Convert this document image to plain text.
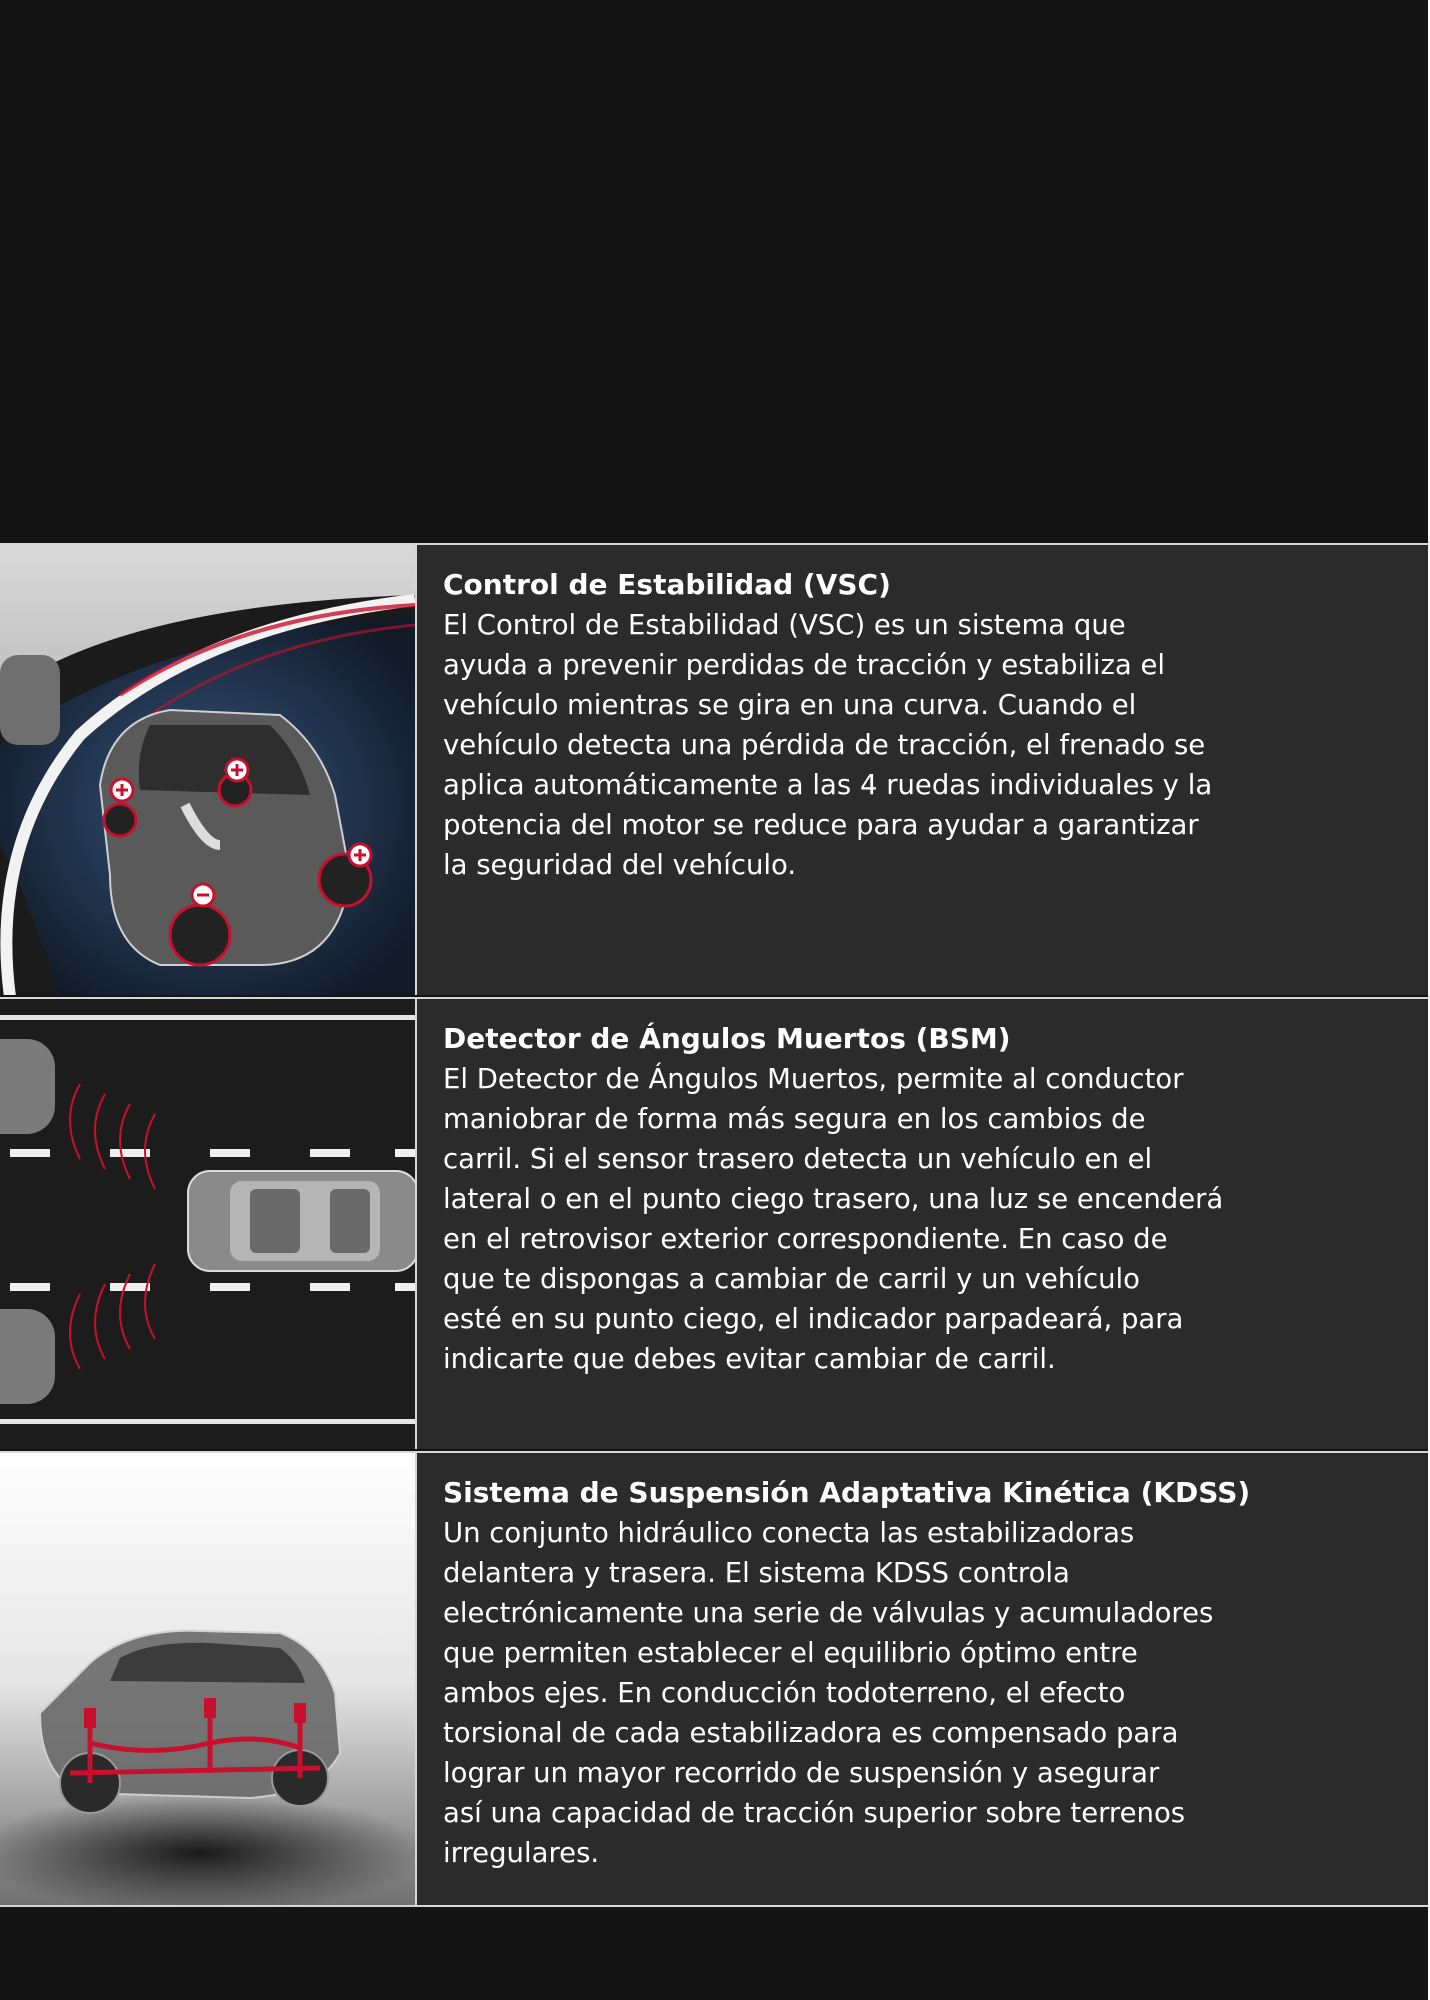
Control de Estabilidad (VSC)

El Control de Estabilidad (VSC) es un sistema que
ayuda a prevenir perdidas de tracción y estabiliza el
vehículo mientras se gira en una curva. Cuando el
vehículo detecta una pérdida de tracción, el frenado se
aplica automáticamente a las 4 ruedas individuales y la
potencia del motor se reduce para ayudar a garantizar
la seguridad del vehículo.

Detector de Ángulos Muertos (BSM)

El Detector de Ángulos Muertos, permite al conductor
maniobrar de forma más segura en los cambios de
carril. Si el sensor trasero detecta un vehículo en el
lateral o en el punto ciego trasero, una luz se encenderá
en el retrovisor exterior correspondiente. En caso de
que te dispongas a cambiar de carril y un vehículo
esté en su punto ciego, el indicador parpadeará, para
indicarte que debes evitar cambiar de carril.

Sistema de Suspensión Adaptativa Kinética (KDSS)

Un conjunto hidráulico conecta las estabilizadoras
delantera y trasera. El sistema KDSS controla
electrónicamente una serie de válvulas y acumuladores
que permiten establecer el equilibrio óptimo entre
ambos ejes. En conducción todoterreno, el efecto
torsional de cada estabilizadora es compensado para
lograr un mayor recorrido de suspensión y asegurar
así una capacidad de tracción superior sobre terrenos
irregulares.
